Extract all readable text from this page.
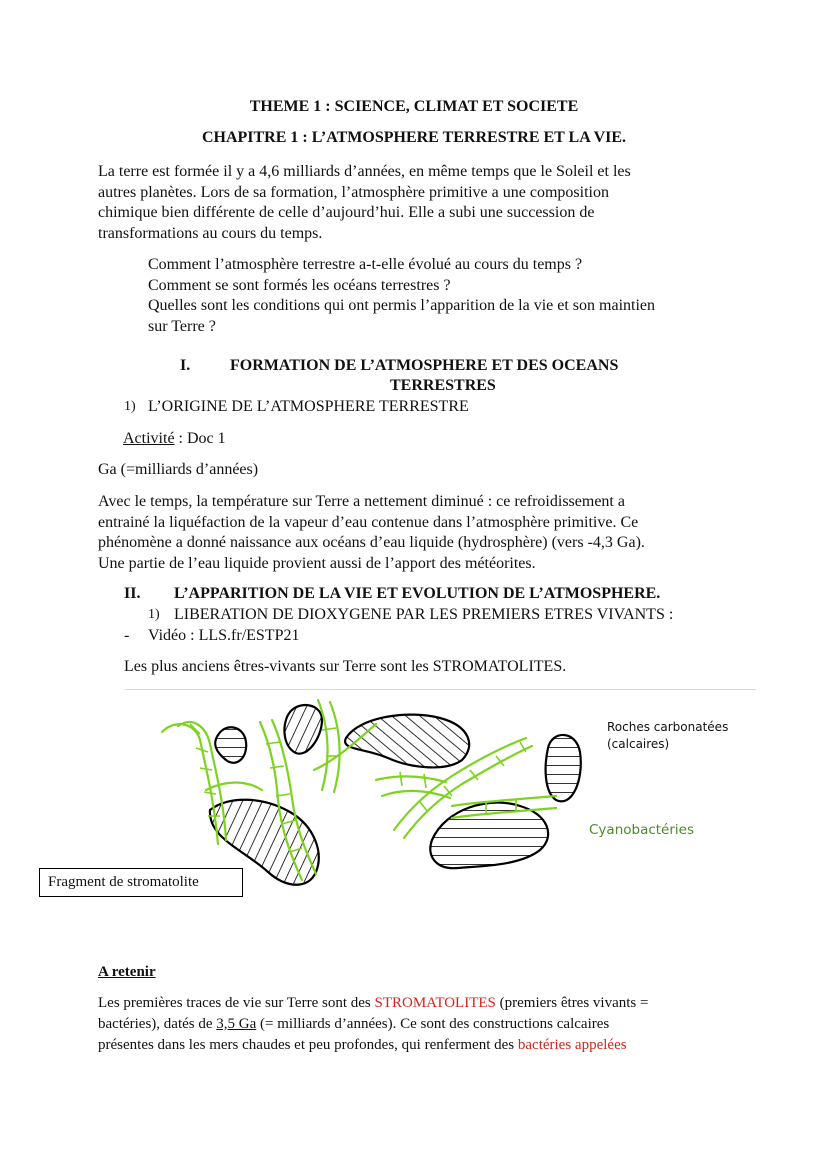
THEME 1 : SCIENCE, CLIMAT ET SOCIETE
CHAPITRE 1 : L’ATMOSPHERE TERRESTRE ET LA VIE.
La terre est formée il y a 4,6 milliards d’années, en même temps que le Soleil et les
autres planètes. Lors de sa formation, l’atmosphère primitive a une composition
chimique bien différente de celle d’aujourd’hui. Elle a subi une succession de
transformations au cours du temps.
Comment l’atmosphère terrestre a-t-elle évolué au cours du temps ?
Comment se sont formés les océans terrestres ?
Quelles sont les conditions qui ont permis l’apparition de la vie et son maintien
sur Terre ?
I. FORMATION DE L’ATMOSPHERE ET DES OCEANS
TERRESTRES
1) L’ORIGINE DE L’ATMOSPHERE TERRESTRE
Activité : Doc 1
Ga (=milliards d’années)
Avec le temps, la température sur Terre a nettement diminué : ce refroidissement a
entrainé la liquéfaction de la vapeur d’eau contenue dans l’atmosphère primitive. Ce
phénomène a donné naissance aux océans d’eau liquide (hydrosphère) (vers -4,3 Ga).
Une partie de l’eau liquide provient aussi de l’apport des météorites.
II. L’APPARITION DE LA VIE ET EVOLUTION DE L’ATMOSPHERE.
1) LIBERATION DE DIOXYGENE PAR LES PREMIERS ETRES VIVANTS :
- Vidéo : LLS.fr/ESTP21
Les plus anciens êtres-vivants sur Terre sont les STROMATOLITES.
Roches carbonatées
(calcaires)
Cyanobactéries
Fragment de stromatolite
A retenir
Les premières traces de vie sur Terre sont des STROMATOLITES (premiers êtres vivants =
bactéries), datés de 3,5 Ga (= milliards d’années). Ce sont des constructions calcaires
présentes dans les mers chaudes et peu profondes, qui renferment des bactéries appelées
